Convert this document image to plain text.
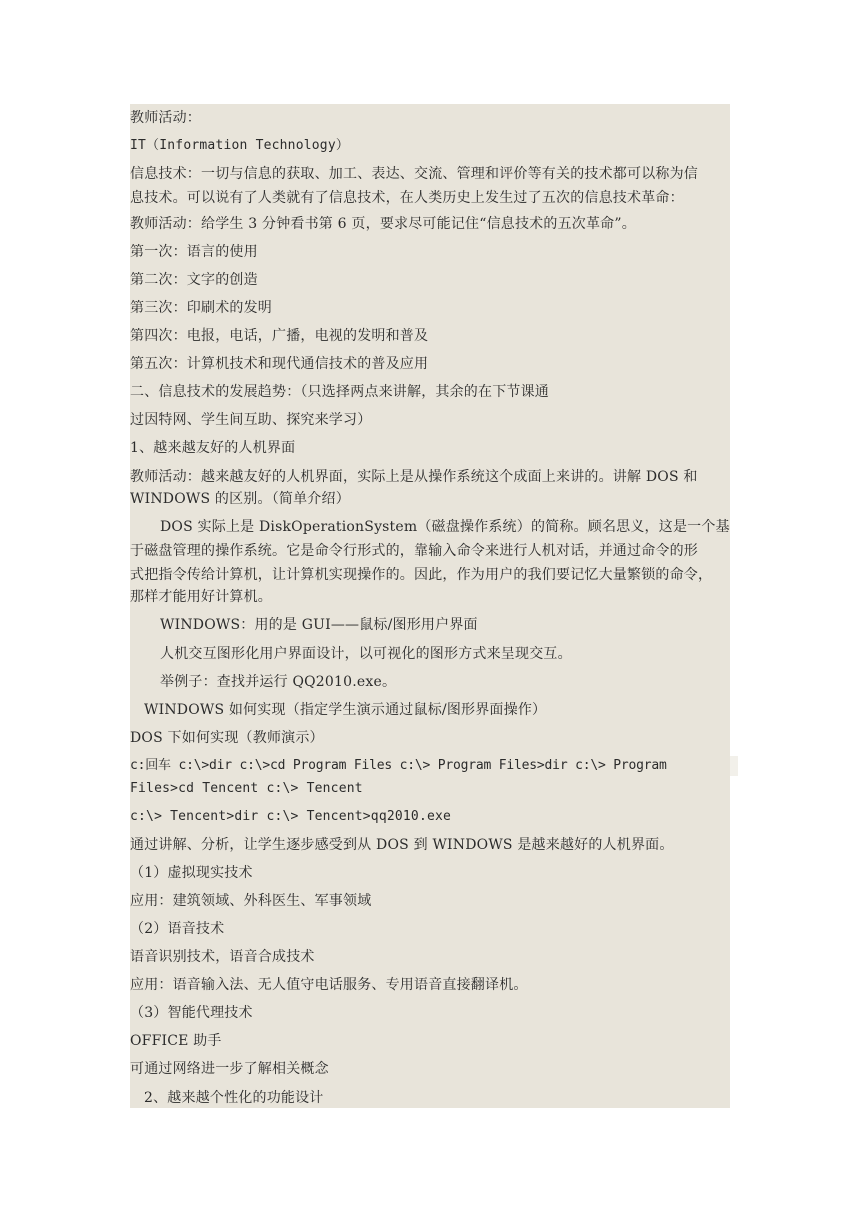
教师活动：
IT（Information Technology）
信息技术：一切与信息的获取、加工、表达、交流、管理和评价等有关的技术都可以称为信
息技术。可以说有了人类就有了信息技术，在人类历史上发生过了五次的信息技术革命：
教师活动：给学生 3 分钟看书第 6 页，要求尽可能记住“信息技术的五次革命”。
第一次：语言的使用
第二次：文字的创造
第三次：印刷术的发明
第四次：电报，电话，广播，电视的发明和普及
第五次：计算机技术和现代通信技术的普及应用
二、信息技术的发展趋势：（只选择两点来讲解，其余的在下节课通
过因特网、学生间互助、探究来学习）
1、越来越友好的人机界面
教师活动：越来越友好的人机界面，实际上是从操作系统这个成面上来讲的。讲解 DOS 和
WINDOWS 的区别。（简单介绍）
DOS 实际上是 DiskOperationSystem（磁盘操作系统）的简称。顾名思义，这是一个基
于磁盘管理的操作系统。它是命令行形式的，靠输入命令来进行人机对话，并通过命令的形
式把指令传给计算机，让计算机实现操作的。因此，作为用户的我们要记忆大量繁锁的命令，
那样才能用好计算机。
WINDOWS：用的是 GUI——鼠标/图形用户界面
人机交互图形化用户界面设计，以可视化的图形方式来呈现交互。
举例子：查找并运行 QQ2010.exe。
WINDOWS 如何实现（指定学生演示通过鼠标/图形界面操作）
DOS 下如何实现（教师演示）
c:回车 c:\>dir c:\>cd Program Files c:\> Program Files>dir c:\> Program
Files>cd Tencent c:\> Tencent
c:\> Tencent>dir c:\> Tencent>qq2010.exe
通过讲解、分析，让学生逐步感受到从 DOS 到 WINDOWS 是越来越好的人机界面。
（1）虚拟现实技术
应用：建筑领域、外科医生、军事领域
（2）语音技术
语音识别技术，语音合成技术
应用：语音输入法、无人值守电话服务、专用语音直接翻译机。
（3）智能代理技术
OFFICE 助手
可通过网络进一步了解相关概念
2、越来越个性化的功能设计
